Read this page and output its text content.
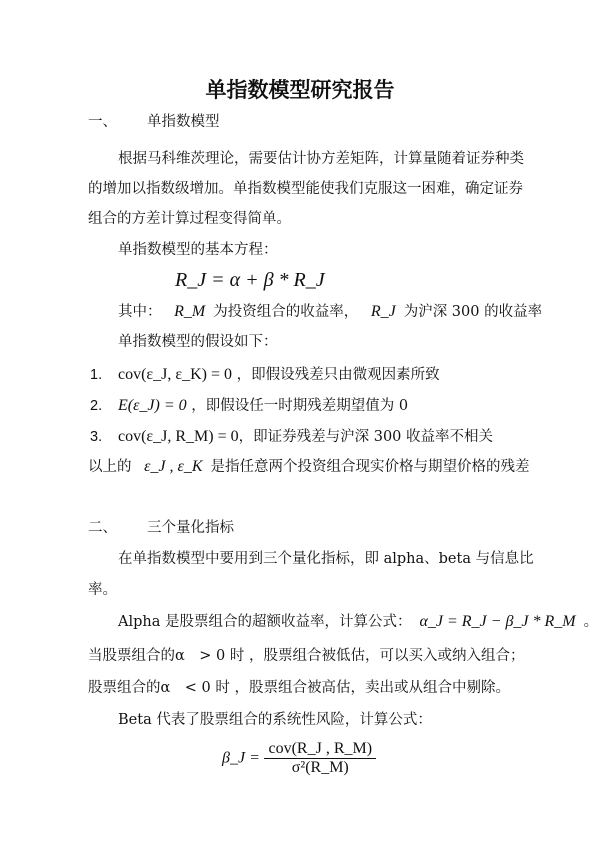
单指数模型研究报告
一、 单指数模型
根据马科维茨理论，需要估计协方差矩阵，计算量随着证券种类
的增加以指数级增加。单指数模型能使我们克服这一困难，确定证券
组合的方差计算过程变得简单。
单指数模型的基本方程：
R_J = α + β * R_J
其中： R_M 为投资组合的收益率， R_J 为沪深 300 的收益率
单指数模型的假设如下：
1. cov(ε_J, ε_K) = 0 ，即假设残差只由微观因素所致
2. E(ε_J) = 0 ，即假设任一时期残差期望值为 0
3. cov(ε_J, R_M) = 0，即证券残差与沪深 300 收益率不相关
以上的 ε_J , ε_K 是指任意两个投资组合现实价格与期望价格的残差
二、 三个量化指标
在单指数模型中要用到三个量化指标，即 alpha、beta 与信息比
率。
Alpha 是股票组合的超额收益率，计算公式： α_J = R_J − β_J * R_M 。
当股票组合的α　> 0 时 ，股票组合被低估，可以买入或纳入组合；
股票组合的α　< 0 时 ，股票组合被高估，卖出或从组合中剔除。
Beta 代表了股票组合的系统性风险，计算公式：
β_J = $\frac{\text{cov(R\_J , R\_M)}}{\text{σ²(R\_M)}}$
